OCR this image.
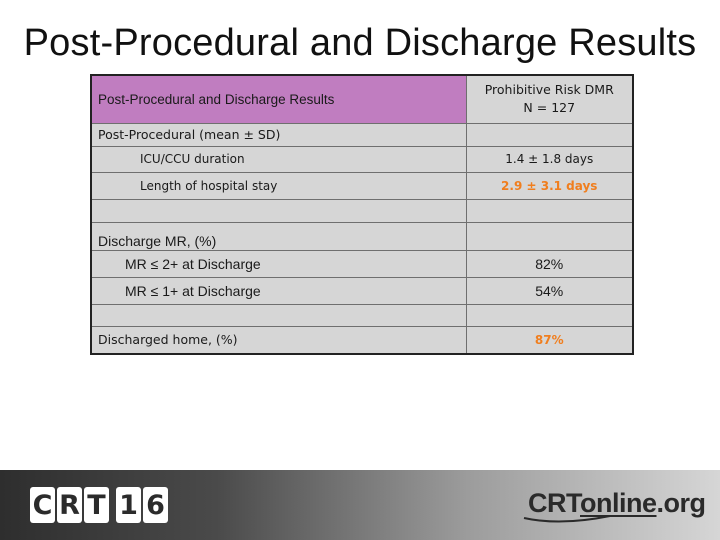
Post-Procedural and Discharge Results
Post-Procedural and Discharge Results	Prohibitive Risk DMR
N = 127

Post-Procedural (mean ± SD)	
ICU/CCU duration	1.4 ± 1.8 days
Length of hospital stay	2.9 ± 3.1 days

Discharge MR, (%)	
MR ≤ 2+ at Discharge	82%
MR ≤ 1+ at Discharge	54%

Discharged home, (%)	87%
C R T 1 6	CRTonline.org
